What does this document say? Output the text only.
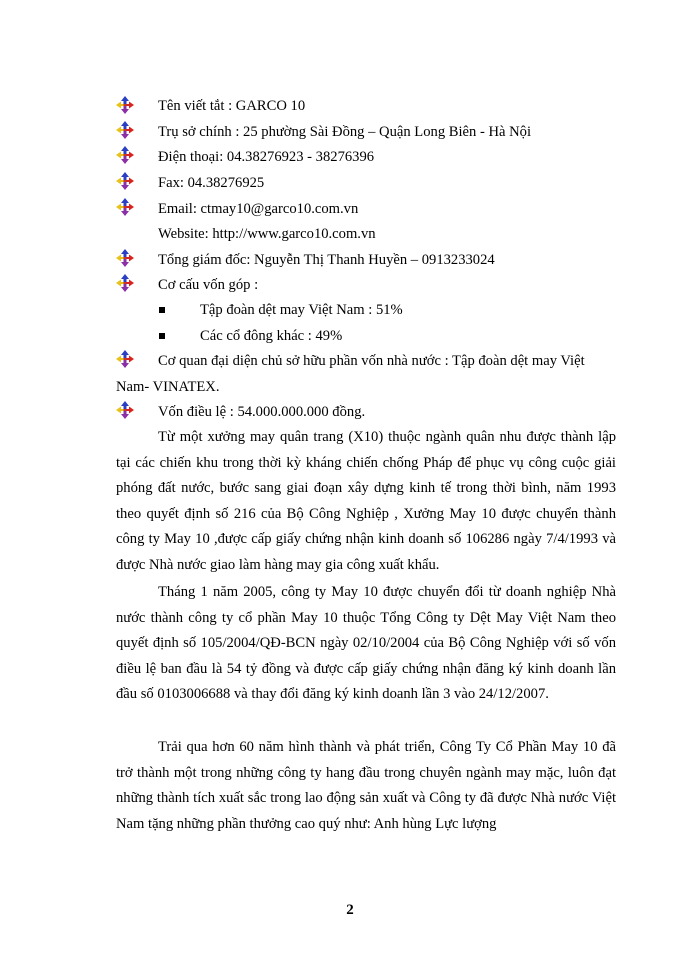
Tên viết tắt : GARCO 10
Trụ sở chính : 25 phường Sài Đồng – Quận Long Biên - Hà Nội
Điện thoại: 04.38276923 - 38276396
Fax: 04.38276925
Email: ctmay10@garco10.com.vn
Website: http://www.garco10.com.vn
Tổng giám đốc: Nguyễn Thị Thanh Huyền – 0913233024
Cơ cấu vốn góp :
Tập đoàn dệt may Việt Nam : 51%
Các cổ đông khác : 49%
Cơ quan đại diện chủ sở hữu phần vốn nhà nước : Tập đoàn dệt may Việt
Nam- VINATEX.
Vốn điều lệ : 54.000.000.000 đồng.

Từ một xưởng may quân trang (X10) thuộc ngành quân nhu được thành lập tại các chiến khu trong thời kỳ kháng chiến chống Pháp để phục vụ công cuộc giải phóng đất nước, bước sang giai đoạn xây dựng kinh tế trong thời bình, năm 1993 theo quyết định số 216 của Bộ Công Nghiệp , Xưởng May 10 được chuyển thành công ty May 10 ,được cấp giấy chứng nhận kinh doanh số 106286 ngày 7/4/1993 và được Nhà nước giao làm hàng may gia công xuất khẩu.

Tháng 1 năm 2005, công ty May 10 được chuyển đổi từ doanh nghiệp Nhà nước thành công ty cổ phần May 10 thuộc Tổng Công ty Dệt May Việt Nam theo quyết định số 105/2004/QĐ-BCN ngày 02/10/2004 của Bộ Công Nghiệp với số vốn điều lệ ban đầu là 54 tỷ đồng và được cấp giấy chứng nhận đăng ký kinh doanh lần đầu số 0103006688 và thay đổi đăng ký kinh doanh lần 3 vào 24/12/2007.

Trải qua hơn 60 năm hình thành và phát triển, Công Ty Cổ Phần May 10 đã trở thành một trong những công ty hang đầu trong chuyên ngành may mặc, luôn đạt những thành tích xuất sắc trong lao động sản xuất và Công ty đã được Nhà nước Việt Nam tặng những phần thưởng cao quý như: Anh hùng Lực lượng

2
